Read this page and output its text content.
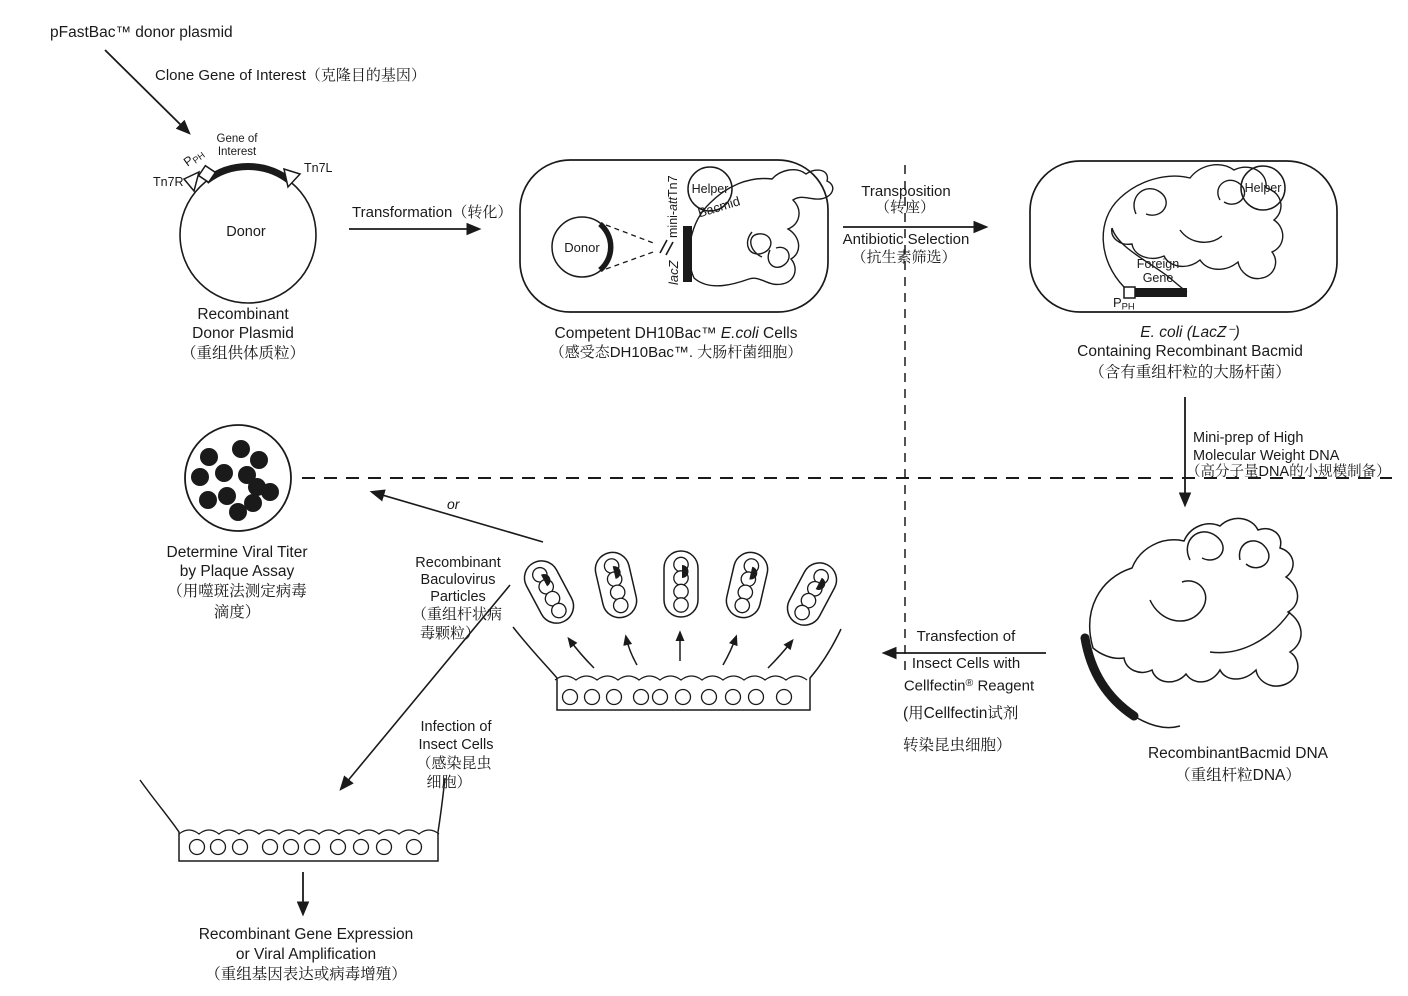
pFastBac™ donor plasmid
Clone Gene of Interest（克隆目的基因）
Transformation（转化）
Gene of
Interest
Tn7R
Tn7L
$P_{PH}$
Donor
Recombinant
Donor Plasmid
（重组供体质粒）
Donor
Helper
Bacmid
lacZ
mini-attTn7
Competent DH10Bac™ E.coli Cells
（感受态DH10Bac™. 大肠杆菌细胞）
Transposition
（转座）
Antibiotic Selection
（抗生素筛选）
Helper
Foreign
Gene
$P_{PH}$
E. coli (LacZ⁻)
Containing Recombinant Bacmid
（含有重组杆粒的大肠杆菌）
Mini-prep of High
Molecular Weight DNA
（高分子量DNA的小规模制备）
RecombinantBacmid DNA
（重组杆粒DNA）
Transfection of
Insect Cells with
Cellfectin® Reagent
(用Cellfectin试剂
转染昆虫细胞）
Recombinant
Baculovirus
Particles
（重组杆状病
毒颗粒）
or
Determine Viral Titer
by Plaque Assay
（用噬斑法测定病毒
滴度）
Infection of
Insect Cells
（感染昆虫
细胞）
Recombinant Gene Expression
or Viral Amplification
（重组基因表达或病毒增殖）
